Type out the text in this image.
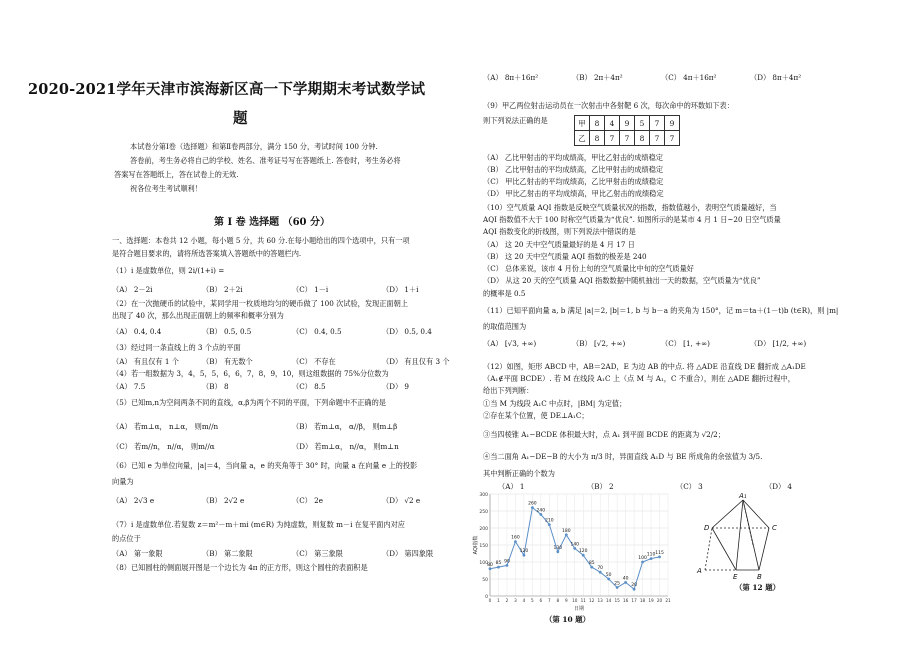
2020-2021学年天津市滨海新区高一下学期期末考试数学试
题
本试卷分第Ⅰ卷（选择题）和第Ⅱ卷两部分，满分 150 分，考试时间 100 分钟.
答卷前，考生务必将自己的学校、姓名、准考证号写在答题纸上. 答卷时，考生务必将
答案写在答题纸上，答在试卷上的无效.
祝各位考生考试顺利！
第 I 卷 选择题 （60 分）
一、选择题：本卷共 12 小题，每小题 5 分，共 60 分.在每小题给出的四个选项中，只有一项
是符合题目要求的，请将所选答案填入答题纸中的答题栏内.
（1）i 是虚数单位，则 2i/(1+i) =
（A） 2－2i	（B） 2＋2i	（C） 1－i	（D） 1＋i
（2）在一次抛硬币的试验中，某同学用一枚质地均匀的硬币做了 100 次试验，发现正面朝上
出现了 40 次，那么出现正面朝上的频率和概率分别为
（A） 0.4, 0.4	（B） 0.5, 0.5	（C） 0.4, 0.5	（D） 0.5, 0.4
（3）经过同一条直线上的 3 个点的平面
（A） 有且仅有 1 个	（B） 有无数个	（C） 不存在	（D） 有且仅有 3 个
（4）若一组数据为 3，4，5，5，6，6，7，8，9，10，则这组数据的 75%分位数为
（A） 7.5	（B） 8	（C） 8.5	（D） 9
（5）已知m,n为空间两条不同的直线，α,β为两个不同的平面，下列命题中不正确的是
（A） 若m⊥α， n⊥α， 则m//n	（B） 若m⊥α， α//β， 则m⊥β
（C） 若m//n， n//α， 则m//α	（D） 若m⊥α， n//α， 则m⊥n
（6）已知 e 为单位向量，|a|＝4，当向量 a，e 的夹角等于 30° 时，向量 a 在向量 e 上的投影
向量为
（A） 2√3 e	（B） 2√2 e	（C） 2e	（D） √2 e
（7）i 是虚数单位.若复数 z＝m²－m＋mi (m∈R) 为纯虚数，则复数 m－i 在复平面内对应
的点位于
（A） 第一象限	（B） 第二象限	（C） 第三象限	（D） 第四象限
（8）已知圆柱的侧面展开图是一个边长为 4π 的正方形，则这个圆柱的表面积是
（A） 8π＋16π²	（B） 2π＋4π²	（C） 4π＋16π²	（D） 8π＋4π²
（9）甲乙两位射击运动员在一次射击中各射靶 6 次，每次命中的环数如下表：
则下列说法正确的是	甲	8	4	9	5	7	9
乙	8	7	7	8	7	7
（A） 乙比甲射击的平均成绩高，甲比乙射击的成绩稳定
（B） 乙比甲射击的平均成绩高，乙比甲射击的成绩稳定
（C） 甲比乙射击的平均成绩高，乙比甲射击的成绩稳定
（D） 甲比乙射击的平均成绩高，甲比乙射击的成绩稳定
（10）空气质量 AQI 指数是反映空气质量状况的指数，指数值越小，表明空气质量越好，当
AQI 指数值不大于 100 时称空气质量为“优良”. 如图所示的是某市 4 月 1 日~20 日空气质量
AQI 指数变化的折线图，则下列说法中错误的是
（A） 这 20 天中空气质量最好的是 4 月 17 日
（B） 这 20 天中空气质量 AQI 指数的极差是 240
（C） 总体来说，该市 4 月份上旬的空气质量比中旬的空气质量好
（D） 从这 20 天的空气质量 AQI 指数数据中随机抽出一天的数据，空气质量为“优良”
的概率是 0.5
（11）已知平面向量 a, b 满足 |a|＝2, |b|＝1, b 与 b－a 的夹角为 150°，记 m＝ta＋(1－t)b (t∈R)，则 |m|
的取值范围为
（A） [√3, +∞)	（B） [√2, +∞)	（C） [1, +∞)	（D） [1/2, +∞)
（12）如图，矩形 ABCD 中，AB＝2AD，E 为边 AB 的中点. 将 △ADE 沿直线 DE 翻折成 △A₁DE
（A₁∉平面 BCDE）. 若 M 在线段 A₁C 上（点 M 与 A₁，C 不重合），则在 △ADE 翻折过程中，
给出下列判断：
①当 M 为线段 A₁C 中点时，|BM| 为定值；
②存在某个位置，使 DE⊥A₁C；
③当四棱锥 A₁−BCDE 体积最大时，点 A₁ 到平面 BCDE 的距离为 √2/2；
④当二面角 A₁−DE−B 的大小为 π/3 时，异面直线 A₁D 与 BE 所成角的余弦值为 3/5.
其中判断正确的个数为
（A） 1	（B） 2	（C） 3	（D） 4
0
50
100
150
200
250
300
0 1 2 3 4 5 6 7 8 9 10 11 12 13 14 15 16 17 18 19 20 21
80 85 90
160
120
260
240
210
130
180
140
120
85
70
50
25
40
20
100
110 115
日期
AQI指数
（第 10 题）
A₁
D	C
A
E	B
（第 12 题）
